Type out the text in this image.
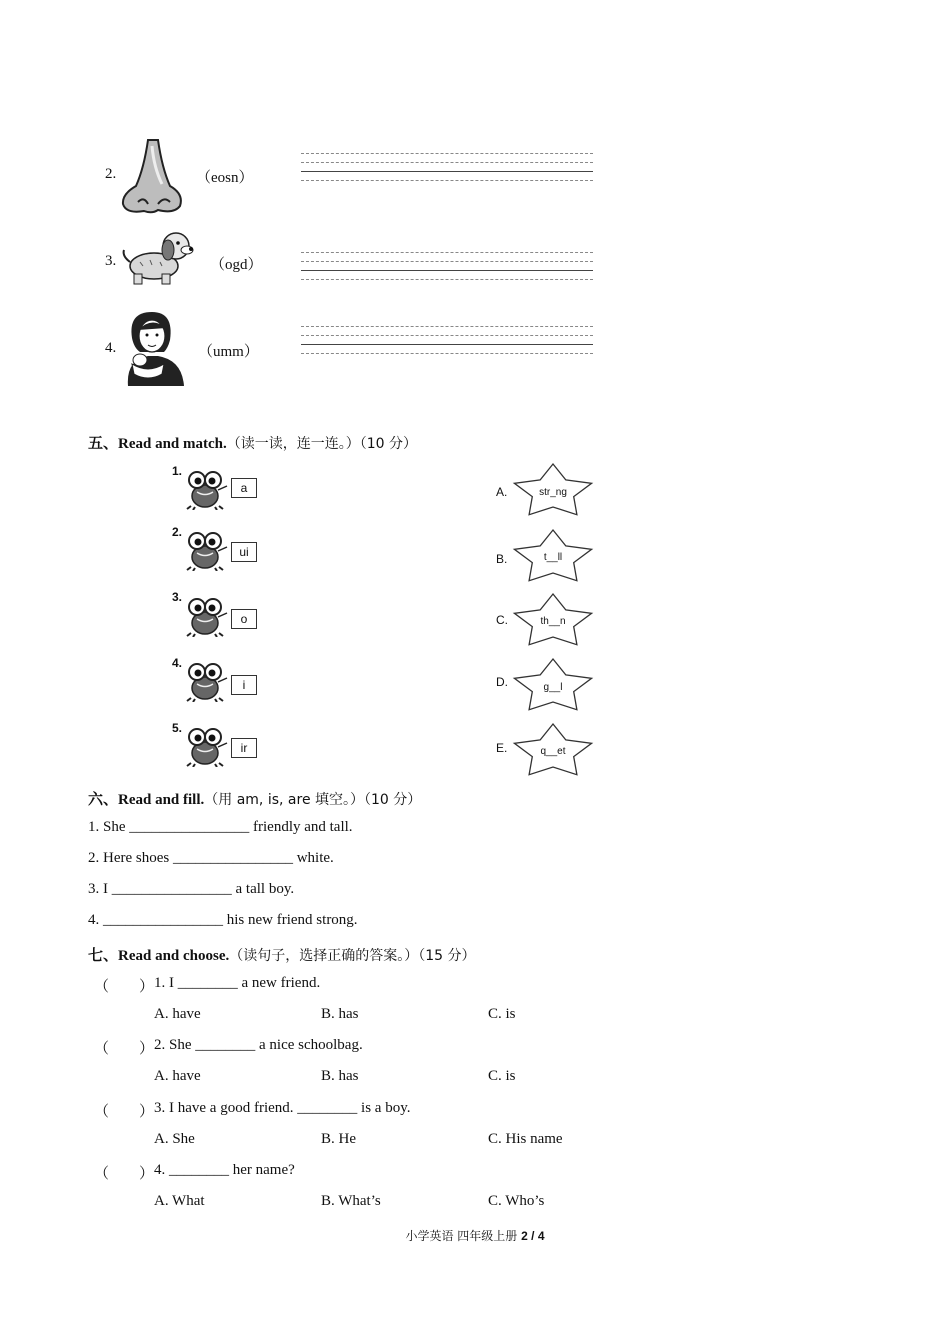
2.	（eosn）
3.	（ogd）
4.	（umm）
五、Read and match.（读一读，连一连。）（10 分）
1.
a
2.
ui
3.
o
4.
i
5.
ir
A.	str_ng
B.	t__ll
C.	th__n
D.	g__l
E.	q__et
六、Read and fill.（用 am, is, are 填空。）（10 分）
1. She ________________ friendly and tall.
2. Here shoes ________________ white.
3. I ________________ a tall boy.
4. ________________ his new friend strong.
七、Read and choose.（读句子，选择正确的答案。）（15 分）
（　　） 1. I ________ a new friend.
A. have	B. has	C. is
（　　） 2. She ________ a nice schoolbag.
A. have	B. has	C. is
（　　） 3. I have a good friend. ________ is a boy.
A. She	B. He	C. His name
（　　） 4. ________ her name?
A. What	B. What’s	C. Who’s
小学英语 四年级上册 2 / 4
